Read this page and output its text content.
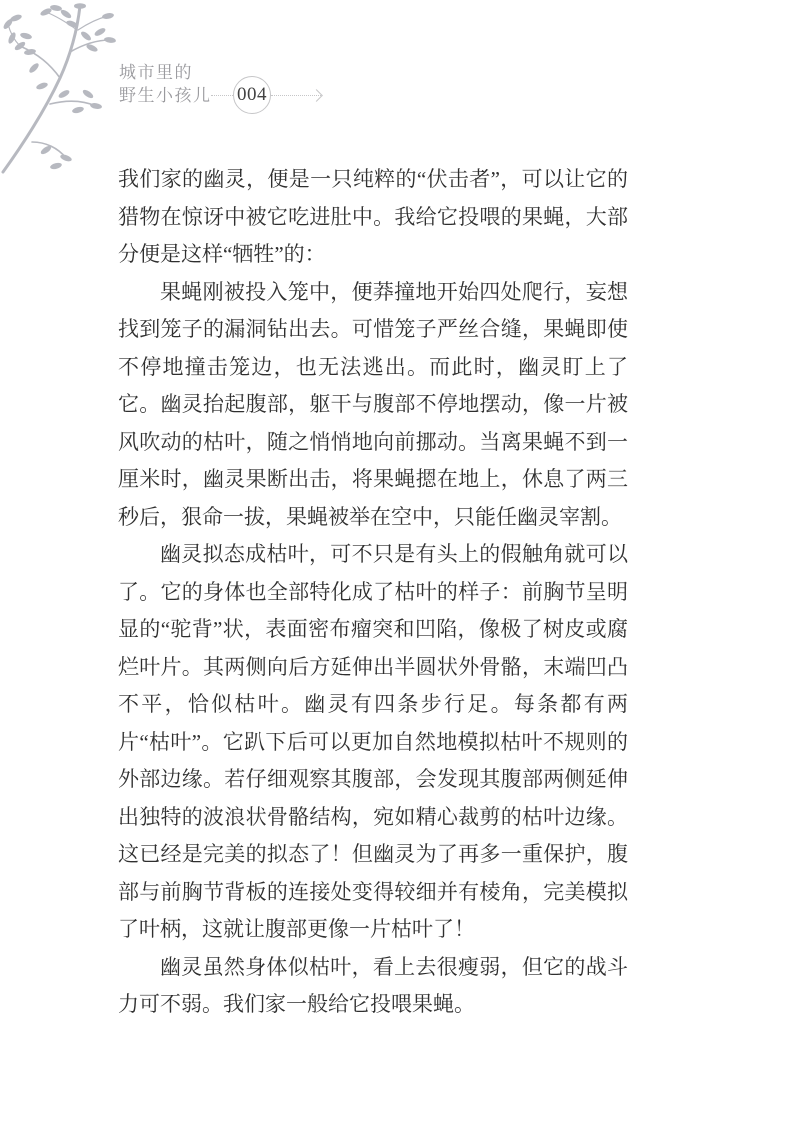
城市里的
野生小孩儿 004

我们家的幽灵，便是一只纯粹的“伏击者”，可以让它的猎物在惊讶中被它吃进肚中。我给它投喂的果蝇，大部分便是这样“牺牲”的：

果蝇刚被投入笼中，便莽撞地开始四处爬行，妄想找到笼子的漏洞钻出去。可惜笼子严丝合缝，果蝇即使不停地撞击笼边，也无法逃出。而此时，幽灵盯上了它。幽灵抬起腹部，躯干与腹部不停地摆动，像一片被风吹动的枯叶，随之悄悄地向前挪动。当离果蝇不到一厘米时，幽灵果断出击，将果蝇摁在地上，休息了两三秒后，狠命一拔，果蝇被举在空中，只能任幽灵宰割。

幽灵拟态成枯叶，可不只是有头上的假触角就可以了。它的身体也全部特化成了枯叶的样子：前胸节呈明显的“驼背”状，表面密布瘤突和凹陷，像极了树皮或腐烂叶片。其两侧向后方延伸出半圆状外骨骼，末端凹凸不平，恰似枯叶。幽灵有四条步行足。每条都有两片“枯叶”。它趴下后可以更加自然地模拟枯叶不规则的外部边缘。若仔细观察其腹部，会发现其腹部两侧延伸出独特的波浪状骨骼结构，宛如精心裁剪的枯叶边缘。这已经是完美的拟态了！但幽灵为了再多一重保护，腹部与前胸节背板的连接处变得较细并有棱角，完美模拟了叶柄，这就让腹部更像一片枯叶了！

幽灵虽然身体似枯叶，看上去很瘦弱，但它的战斗力可不弱。我们家一般给它投喂果蝇。
